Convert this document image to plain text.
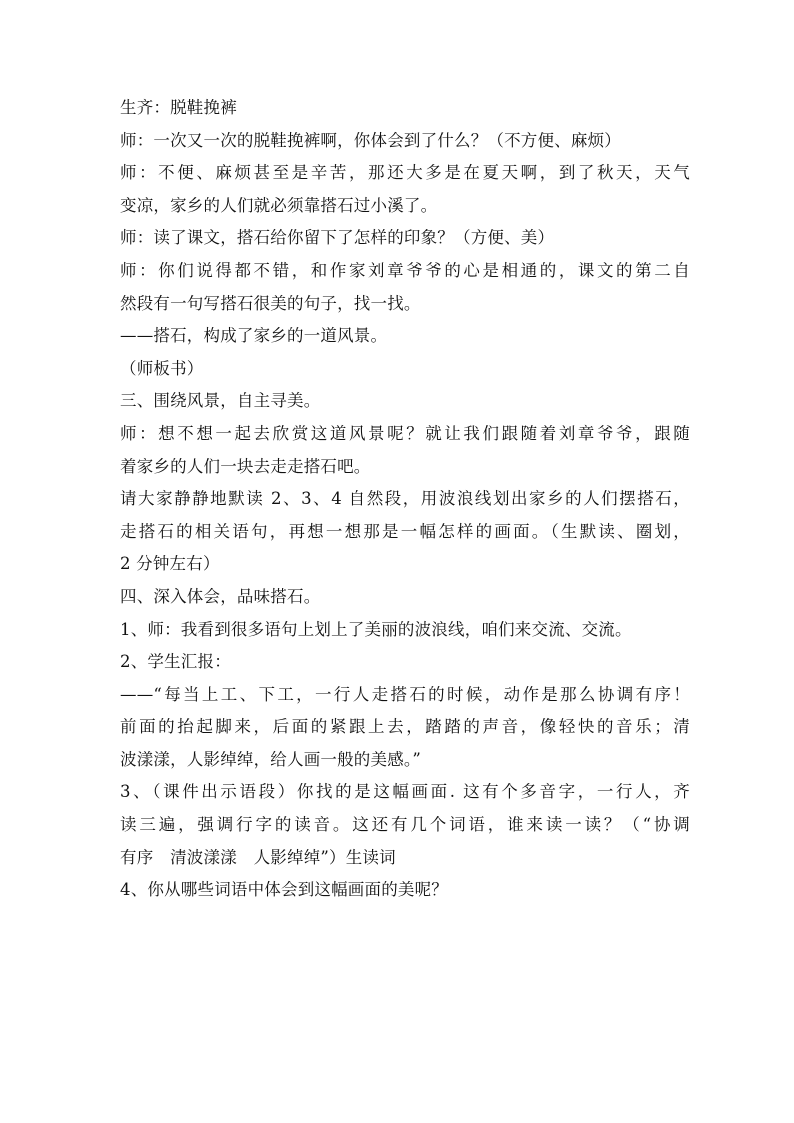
生齐：脱鞋挽裤
师：一次又一次的脱鞋挽裤啊，你体会到了什么？（不方便、麻烦）
师：不便、麻烦甚至是辛苦，那还大多是在夏天啊，到了秋天，天气
变凉，家乡的人们就必须靠搭石过小溪了。
师：读了课文，搭石给你留下了怎样的印象？（方便、美）
师：你们说得都不错，和作家刘章爷爷的心是相通的，课文的第二自
然段有一句写搭石很美的句子，找一找。
——搭石，构成了家乡的一道风景。
（师板书）
三、围绕风景，自主寻美。
师：想不想一起去欣赏这道风景呢？就让我们跟随着刘章爷爷，跟随
着家乡的人们一块去走走搭石吧。
请大家静静地默读 2、3、4 自然段，用波浪线划出家乡的人们摆搭石，
走搭石的相关语句，再想一想那是一幅怎样的画面。（生默读、圈划，
2 分钟左右）
四、深入体会，品味搭石。
1、师：我看到很多语句上划上了美丽的波浪线，咱们来交流、交流。
2、学生汇报：
——“每当上工、下工，一行人走搭石的时候，动作是那么协调有序！
前面的抬起脚来，后面的紧跟上去，踏踏的声音，像轻快的音乐；清
波漾漾，人影绰绰，给人画一般的美感。”
3、（课件出示语段）你找的是这幅画面. 这有个多音字，一行人，齐
读三遍，强调行字的读音。这还有几个词语，谁来读一读？（“协调
有序　清波漾漾　人影绰绰”）生读词
4、你从哪些词语中体会到这幅画面的美呢？
